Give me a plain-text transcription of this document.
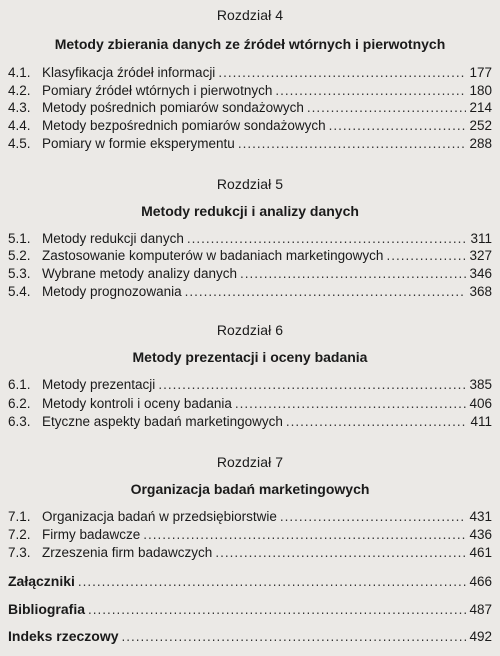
Rozdział 4
Metody zbierania danych ze źródeł wtórnych i pierwotnych
4.1. Klasyfikacja źródeł informacji .....	177
4.2. Pomiary źródeł wtórnych i pierwotnych .....	180
4.3. Metody pośrednich pomiarów sondażowych .....	214
4.4. Metody bezpośrednich pomiarów sondażowych .....	252
4.5. Pomiary w formie eksperymentu .....	288
Rozdział 5
Metody redukcji i analizy danych
5.1. Metody redukcji danych .....	311
5.2. Zastosowanie komputerów w badaniach marketingowych .....	327
5.3. Wybrane metody analizy danych .....	346
5.4. Metody prognozowania .....	368
Rozdział 6
Metody prezentacji i oceny badania
6.1. Metody prezentacji .....	385
6.2. Metody kontroli i oceny badania .....	406
6.3. Etyczne aspekty badań marketingowych .....	411
Rozdział 7
Organizacja badań marketingowych
7.1. Organizacja badań w przedsiębiorstwie .....	431
7.2. Firmy badawcze .....	436
7.3. Zrzeszenia firm badawczych .....	461
Załączniki .....	466
Bibliografia .....	487
Indeks rzeczowy .....	492
